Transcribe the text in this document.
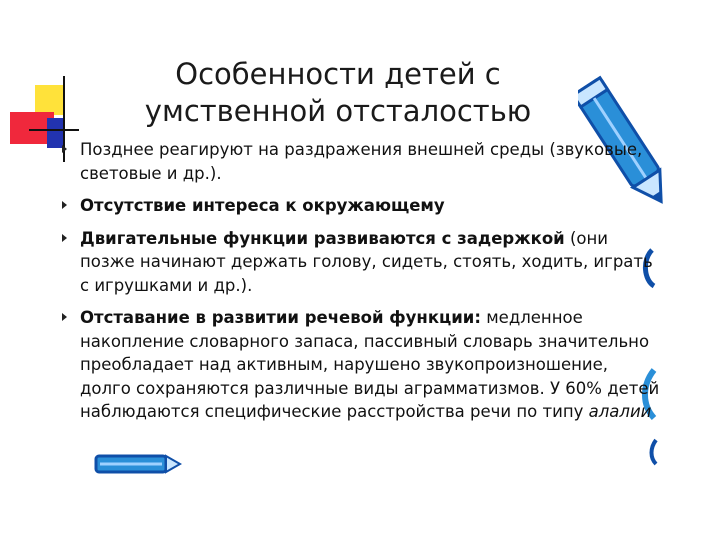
Особенности детей с умственной отсталостью
Позднее реагируют на раздражения внешней среды (звуковые, световые и др.).
Отсутствие интереса к окружающему
Двигательные функции развиваются с задержкой (они позже начинают держать голову, сидеть, стоять, ходить, играть с игрушками и др.).
Отставание в развитии речевой функции: медленное накопление словарного запаса, пассивный словарь значительно преобладает над активным, нарушено звукопроизношение, долго сохраняются различные виды аграмматизмов. У 60% детей наблюдаются специфические расстройства речи по типу алалии
